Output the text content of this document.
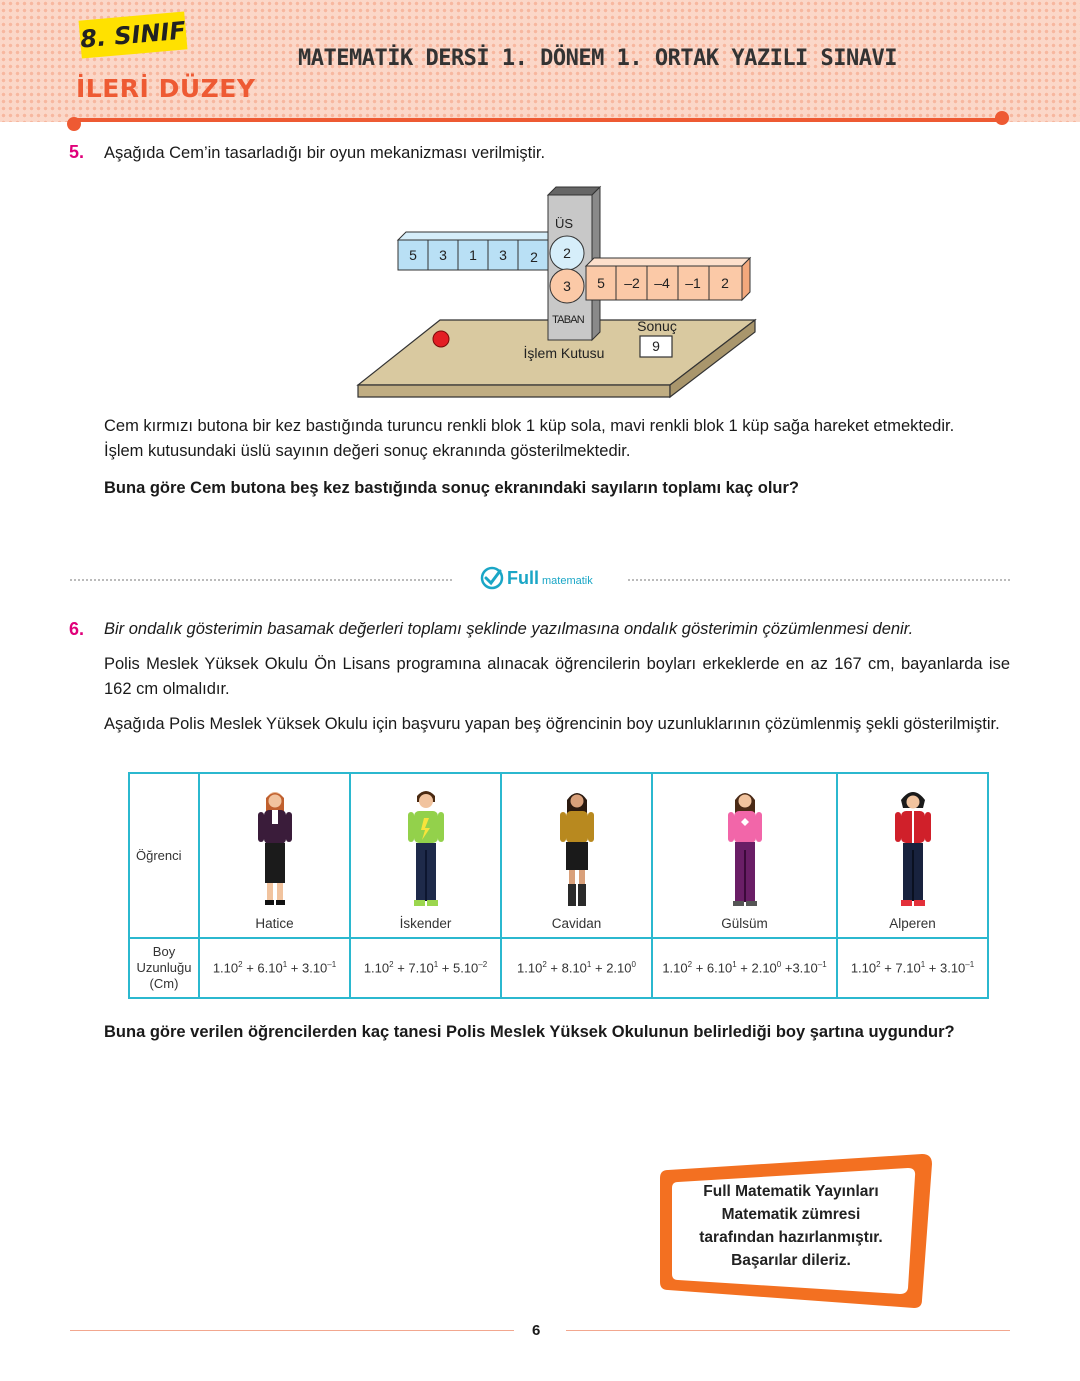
8. SINIF
İLERİ DÜZEY
MATEMATİK DERSİ 1. DÖNEM 1. ORTAK YAZILI SINAVI
5. Aşağıda Cem’in tasarladığı bir oyun mekanizması verilmiştir.

5 3 1 3 2
5 –2 –4 –1 2
ÜS
2
3
TABAN
İşlem Kutusu
Sonuç
9

Cem kırmızı butona bir kez bastığında turuncu renkli blok 1 küp sola, mavi renkli blok 1 küp sağa hareket etmektedir.

İşlem kutusundaki üslü sayının değeri sonuç ekranında gösterilmektedir.

Buna göre Cem butona beş kez bastığında sonuç ekranındaki sayıların toplamı kaç olur?

Full matematik
6. Bir ondalık gösterimin basamak değerleri toplamı şeklinde yazılmasına ondalık gösterimin çözümlenmesi denir.

Polis Meslek Yüksek Okulu Ön Lisans programına alınacak öğrencilerin boyları erkeklerde en az 167 cm, bayanlarda ise 162 cm olmalıdır.

Aşağıda Polis Meslek Yüksek Okulu için başvuru yapan beş öğrencinin boy uzunluklarının çözümlenmiş şekli gösterilmiştir.

Öğrenci	Hatice	İskender	Cavidan	Gülsüm	Alperen

Boy
Uzunluğu
(Cm)	$1.10^2 + 6.10^1 + 3.10^{-1}$	$1.10^2 + 7.10^1 + 5.10^{-2}$	$1.10^2 + 8.10^1 + 2.10^0$	$1.10^2 + 6.10^1 + 2.10^0 +3.10^{-1}$	$1.10^2 + 7.10^1 + 3.10^{-1}$

Buna göre verilen öğrencilerden kaç tanesi Polis Meslek Yüksek Okulunun belirlediği boy şartına uygundur?

Full Matematik Yayınları
Matematik zümresi
tarafından hazırlanmıştır.
Başarılar dileriz.
6
